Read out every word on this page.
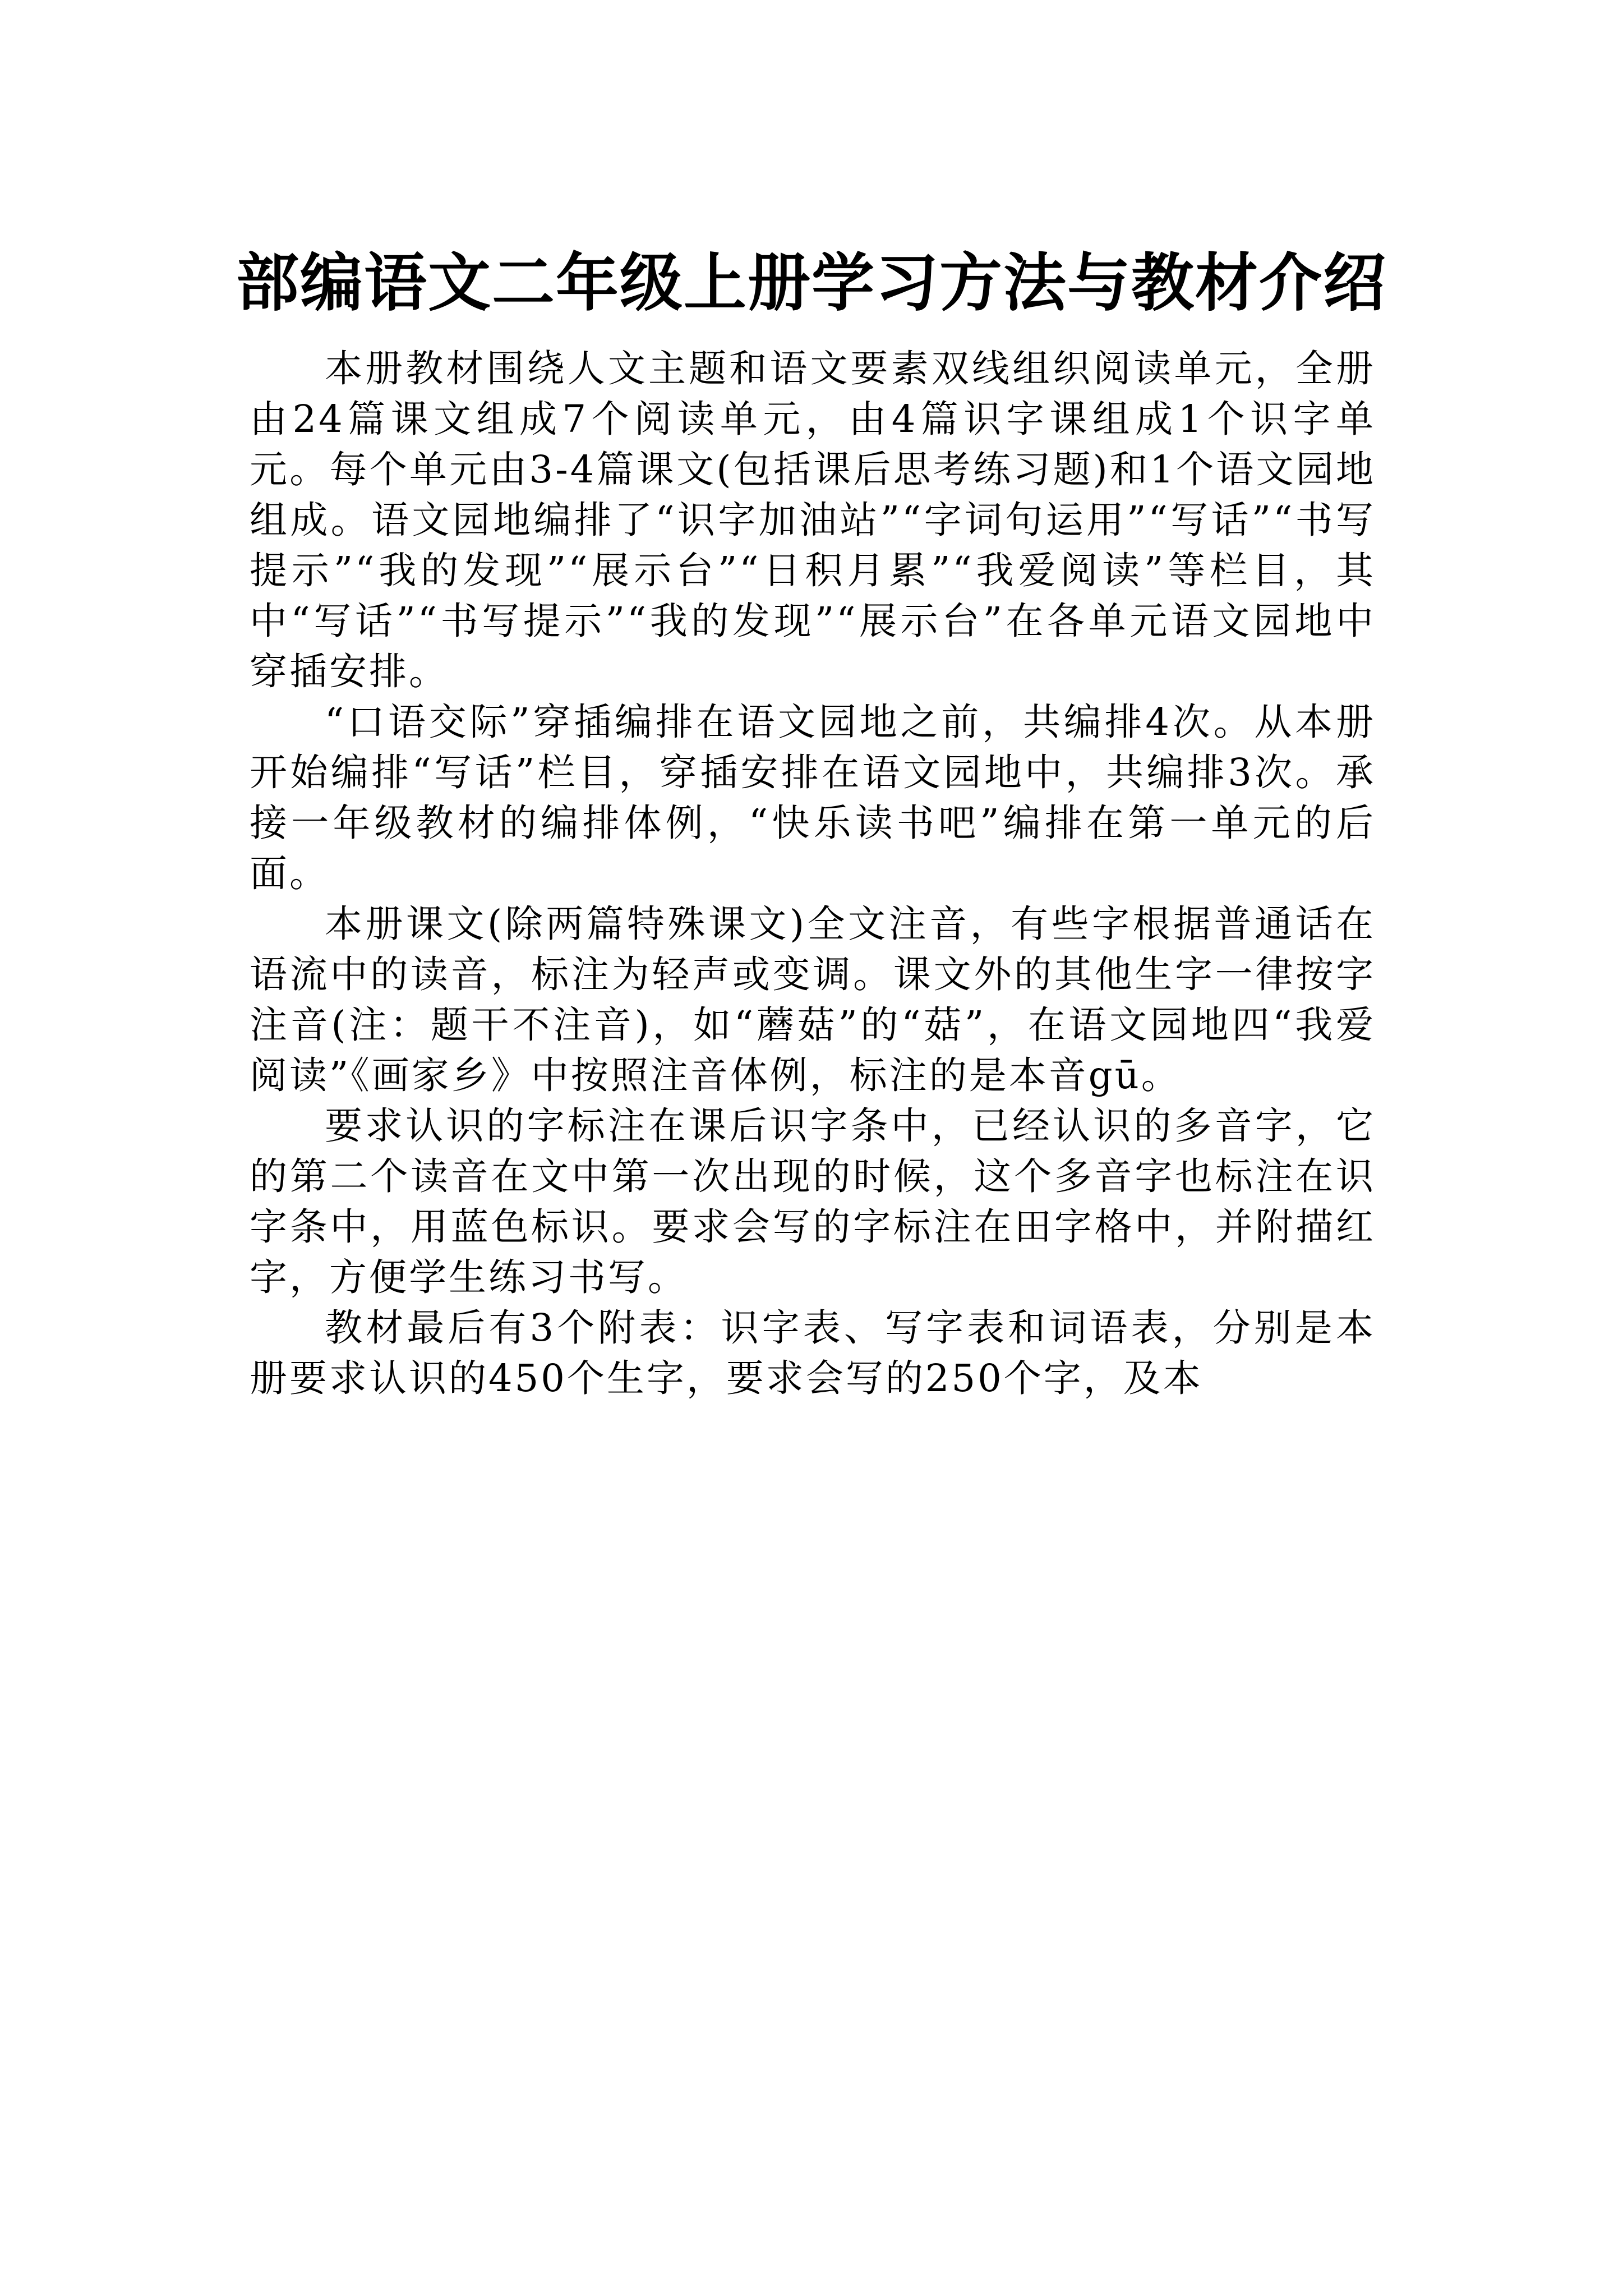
部编语文二年级上册学习方法与教材介绍

本册教材围绕人文主题和语文要素双线组织阅读单元，全册由24篇课文组成7个阅读单元，由4篇识字课组成1个识字单元。每个单元由3-4篇课文(包括课后思考练习题)和1个语文园地组成。语文园地编排了“识字加油站”“字词句运用”“写话”“书写提示”“我的发现”“展示台”“日积月累”“我爱阅读”等栏目，其中“写话”“书写提示”“我的发现”“展示台”在各单元语文园地中穿插安排。

“口语交际”穿插编排在语文园地之前，共编排4次。从本册开始编排“写话”栏目，穿插安排在语文园地中，共编排3次。承接一年级教材的编排体例，“快乐读书吧”编排在第一单元的后面。

本册课文(除两篇特殊课文)全文注音，有些字根据普通话在语流中的读音，标注为轻声或变调。课文外的其他生字一律按字注音(注：题干不注音)，如“蘑菇”的“菇”，在语文园地四“我爱阅读”《画家乡》中按照注音体例，标注的是本音gū。

要求认识的字标注在课后识字条中，已经认识的多音字，它的第二个读音在文中第一次出现的时候，这个多音字也标注在识字条中，用蓝色标识。要求会写的字标注在田字格中，并附描红字，方便学生练习书写。

教材最后有3个附表：识字表、写字表和词语表，分别是本册要求认识的450个生字，要求会写的250个字，及本
